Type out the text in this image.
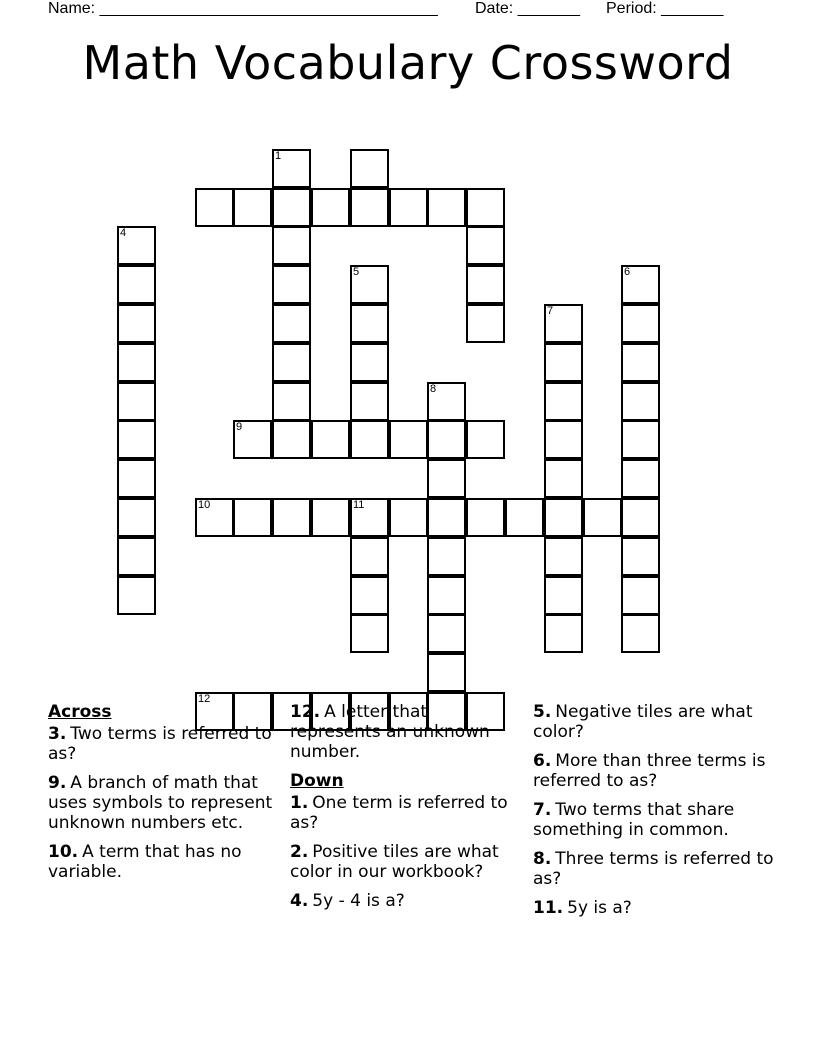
Name: ______________________________________ Date: _______ Period: _______
Math Vocabulary Crossword
1
4
5	6
7
8
9
10	11
12
Across
3. Two terms is referred to as?
9. A branch of math that uses symbols to represent unknown numbers etc.
10. A term that has no variable.
12. A letter that represents an unknown number.
Down
1. One term is referred to as?
2. Positive tiles are what color in our workbook?
4. 5y - 4 is a?
5. Negative tiles are what color?
6. More than three terms is referred to as?
7. Two terms that share something in common.
8. Three terms is referred to as?
11. 5y is a?
